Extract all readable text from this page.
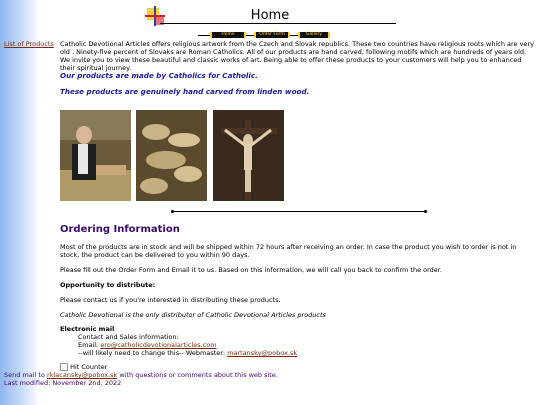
Home
Home	Order Form	Gallery
List of Products Catholic Devotional Articles offers religious artwork from the Czech and Slovak republics. These two countries have religious roots which are very old . Ninety-five percent of Slovaks are Roman Catholics. All of our products are hand carved, following motifs which are hundreds of years old. We invite you to view these beautiful and classic works of art. Being able to offer these products to your customers will help you to enhanced their spiritual journey.
Our products are made by Catholics for Catholic.
These products are genuinely hand carved from linden wood.
Ordering Information
Most of the products are in stock and will be shipped within 72 hours after receiving an order. In case the product you wish to order is not in stock, the product can be delivered to you within 90 days.
Please fill out the Order Form and Email it to us. Based on this information, we will call you back to confirm the order.
Opportunity to distribute:
Please contact us if you're interested in distributing these products.
Catholic Devotional is the only distributor of Catholic Devotional Articles products
Electronic mail
Contact and Sales information:
Email: ero@catholicdevotionalarticles.com
--will likely need to change this-- Webmaster: martansky@pobox.sk
Hit Counter
Send mail to rklacansky@pobox.sk with questions or comments about this web site.
Last modified: November 2nd, 2022
